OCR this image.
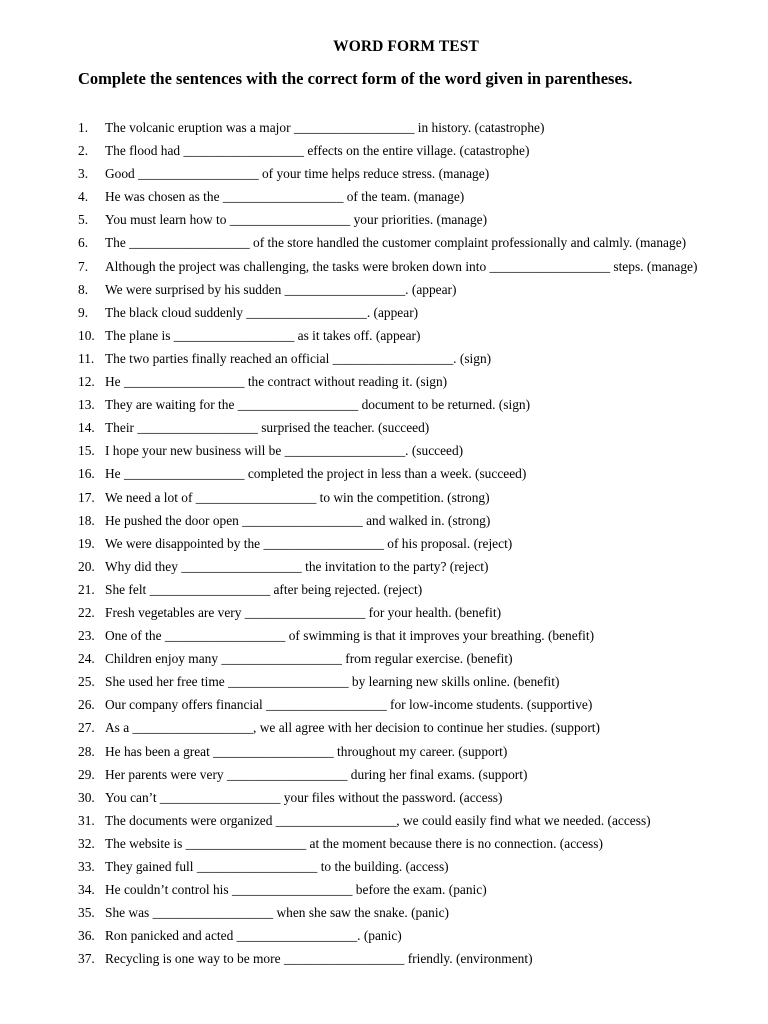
WORD FORM TEST

Complete the sentences with the correct form of the word given in parentheses.

1. The volcanic eruption was a major __________________ in history. (catastrophe)
2. The flood had __________________ effects on the entire village. (catastrophe)
3. Good __________________ of your time helps reduce stress. (manage)
4. He was chosen as the __________________ of the team. (manage)
5. You must learn how to __________________ your priorities. (manage)
6. The __________________ of the store handled the customer complaint professionally and calmly. (manage)
7. Although the project was challenging, the tasks were broken down into __________________ steps. (manage)
8. We were surprised by his sudden __________________. (appear)
9. The black cloud suddenly __________________. (appear)
10. The plane is __________________ as it takes off. (appear)
11. The two parties finally reached an official __________________. (sign)
12. He __________________ the contract without reading it. (sign)
13. They are waiting for the __________________ document to be returned. (sign)
14. Their __________________ surprised the teacher. (succeed)
15. I hope your new business will be __________________. (succeed)
16. He __________________ completed the project in less than a week. (succeed)
17. We need a lot of __________________ to win the competition. (strong)
18. He pushed the door open __________________ and walked in. (strong)
19. We were disappointed by the __________________ of his proposal. (reject)
20. Why did they __________________ the invitation to the party? (reject)
21. She felt __________________ after being rejected. (reject)
22. Fresh vegetables are very __________________ for your health. (benefit)
23. One of the __________________ of swimming is that it improves your breathing. (benefit)
24. Children enjoy many __________________ from regular exercise. (benefit)
25. She used her free time __________________ by learning new skills online. (benefit)
26. Our company offers financial __________________ for low-income students. (supportive)
27. As a __________________, we all agree with her decision to continue her studies. (support)
28. He has been a great __________________ throughout my career. (support)
29. Her parents were very __________________ during her final exams. (support)
30. You can’t __________________ your files without the password. (access)
31. The documents were organized __________________, we could easily find what we needed. (access)
32. The website is __________________ at the moment because there is no connection. (access)
33. They gained full __________________ to the building. (access)
34. He couldn’t control his __________________ before the exam. (panic)
35. She was __________________ when she saw the snake. (panic)
36. Ron panicked and acted __________________. (panic)
37. Recycling is one way to be more __________________ friendly. (environment)
